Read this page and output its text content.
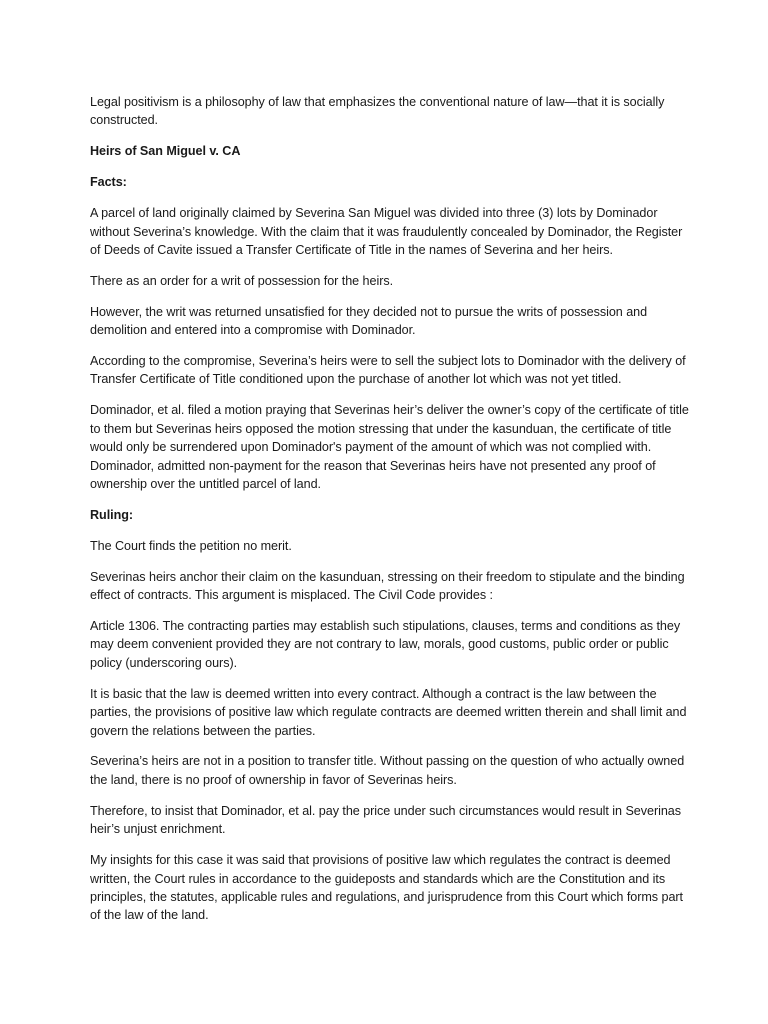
Legal positivism is a philosophy of law that emphasizes the conventional nature of law—that it is socially constructed.

Heirs of San Miguel v. CA

Facts:

A parcel of land originally claimed by Severina San Miguel was divided into three (3) lots by Dominador without Severina’s knowledge. With the claim that it was fraudulently concealed by Dominador, the Register of Deeds of Cavite issued a Transfer Certificate of Title in the names of Severina and her heirs.

There as an order for a writ of possession for the heirs.

However, the writ was returned unsatisfied for they decided not to pursue the writs of possession and demolition and entered into a compromise with Dominador.

According to the compromise, Severina’s heirs were to sell the subject lots to Dominador with the delivery of Transfer Certificate of Title conditioned upon the purchase of another lot which was not yet titled.

Dominador, et al. filed a motion praying that Severinas heir’s deliver the owner’s copy of the certificate of title to them but Severinas heirs opposed the motion stressing that under the kasunduan, the certificate of title would only be surrendered upon Dominador's payment of the amount of which was not complied with. Dominador, admitted non-payment for the reason that Severinas heirs have not presented any proof of ownership over the untitled parcel of land.

Ruling:

The Court finds the petition no merit.

Severinas heirs anchor their claim on the kasunduan, stressing on their freedom to stipulate and the binding effect of contracts. This argument is misplaced. The Civil Code provides :

Article 1306. The contracting parties may establish such stipulations, clauses, terms and conditions as they may deem convenient provided they are not contrary to law, morals, good customs, public order or public policy (underscoring ours).

It is basic that the law is deemed written into every contract. Although a contract is the law between the parties, the provisions of positive law which regulate contracts are deemed written therein and shall limit and govern the relations between the parties.

Severina’s heirs are not in a position to transfer title. Without passing on the question of who actually owned the land, there is no proof of ownership in favor of Severinas heirs.

Therefore, to insist that Dominador, et al. pay the price under such circumstances would result in Severinas heir’s unjust enrichment.

My insights for this case it was said that provisions of positive law which regulates the contract is deemed written, the Court rules in accordance to the guideposts and standards which are the Constitution and its principles, the statutes, applicable rules and regulations, and jurisprudence from this Court which forms part of the law of the land.
